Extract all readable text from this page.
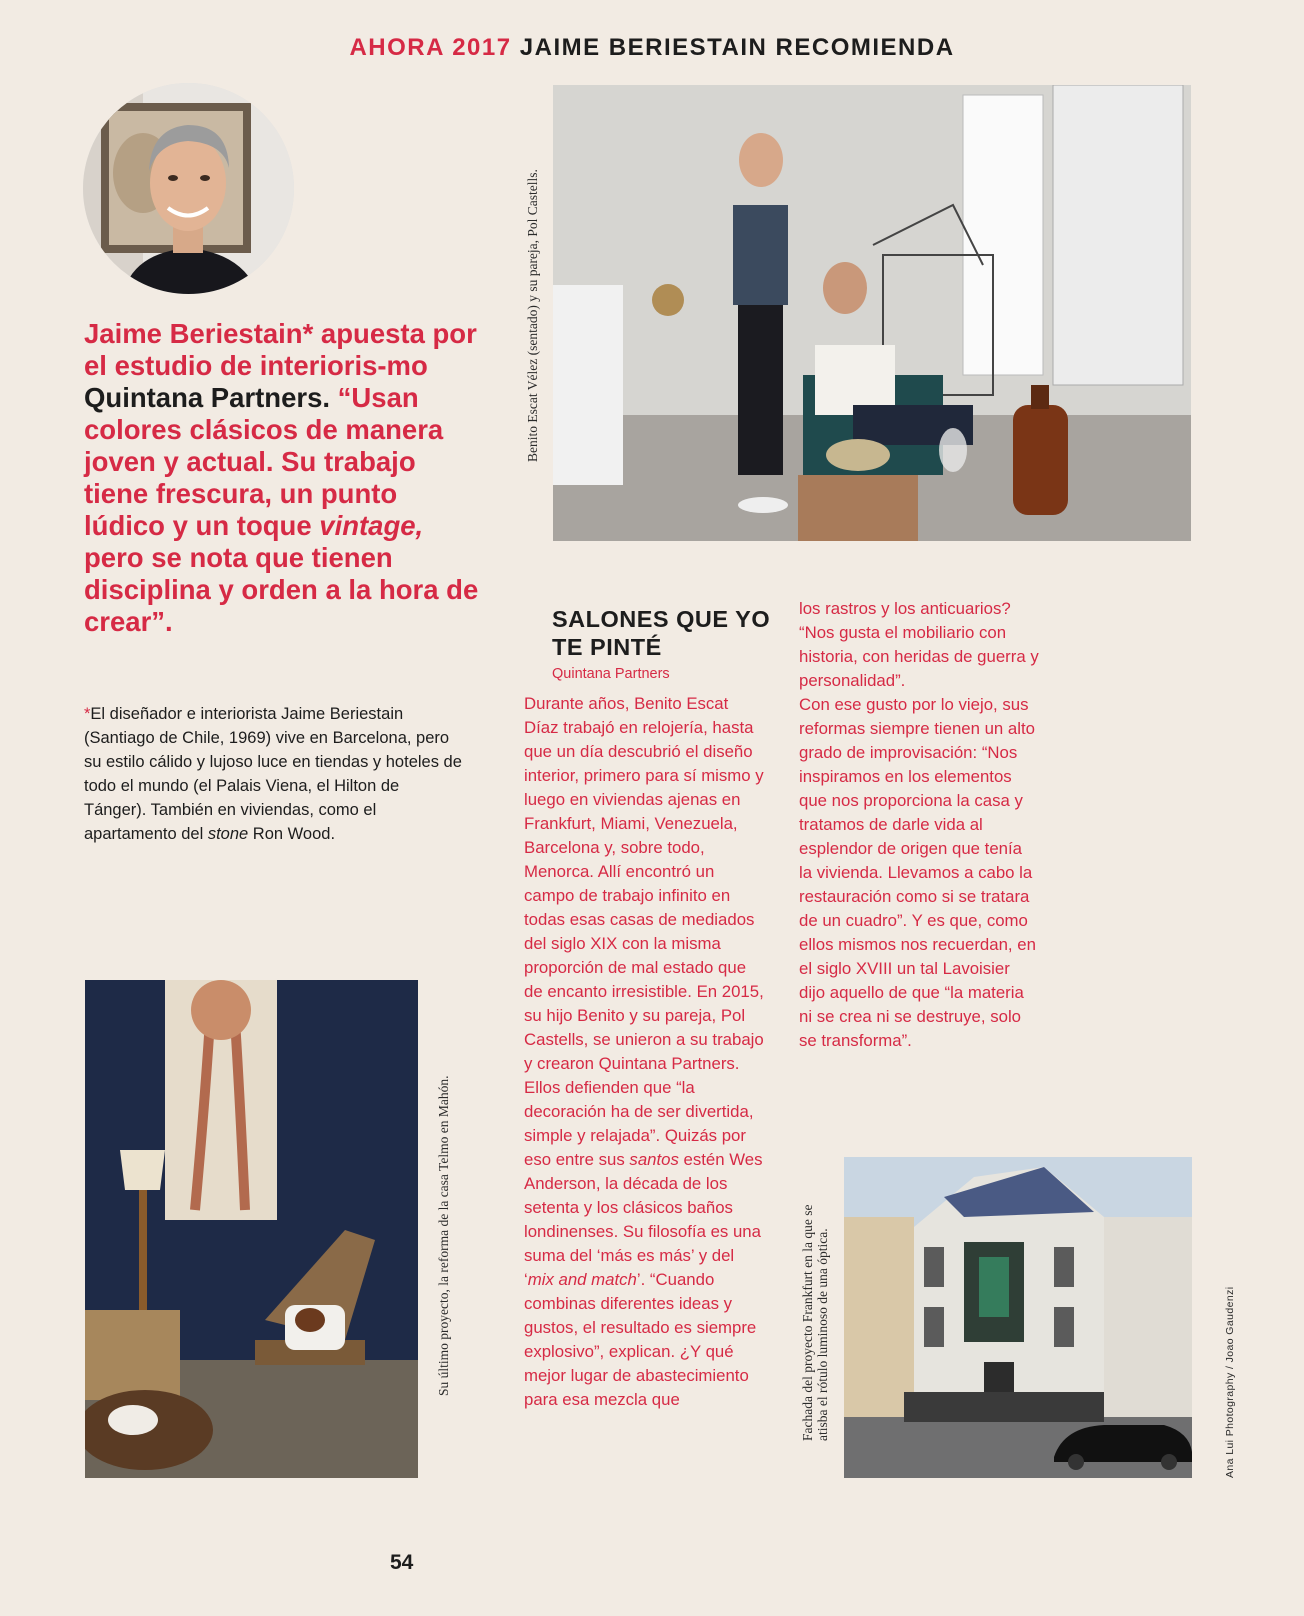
AHORA 2017 JAIME BERIESTAIN RECOMIENDA
Jaime Beriestain* apuesta por el estudio de interioris-mo Quintana Partners. “Usan colores clásicos de manera joven y actual. Su trabajo tiene frescura, un punto lúdico y un toque vintage, pero se nota que tienen disciplina y orden a la hora de crear”.
*El diseñador e interiorista Jaime Beriestain (Santiago de Chile, 1969) vive en Barcelona, pero su estilo cálido y lujoso luce en tiendas y hoteles de todo el mundo (el Palais Viena, el Hilton de Tánger). También en viviendas, como el apartamento del stone Ron Wood.
Benito Escat Vélez (sentado) y su pareja, Pol Castells.
SALONES QUE YO TE PINTÉ
Quintana Partners
Durante años, Benito Escat Díaz trabajó en relojería, hasta que un día descubrió el diseño interior, primero para sí mismo y luego en viviendas ajenas en Frankfurt, Miami, Venezuela, Barcelona y, sobre todo, Menorca. Allí encontró un campo de trabajo infinito en todas esas casas de mediados del siglo XIX con la misma proporción de mal estado que de encanto irresistible. En 2015, su hijo Benito y su pareja, Pol Castells, se unieron a su trabajo y crearon Quintana Partners.
Ellos defienden que “la decoración ha de ser divertida, simple y relajada”. Quizás por eso entre sus santos estén Wes Anderson, la década de los setenta y los clásicos baños londinenses. Su filosofía es una suma del ‘más es más’ y del ‘mix and match’. “Cuando combinas diferentes ideas y gustos, el resultado es siempre explosivo”, explican. ¿Y qué mejor lugar de abastecimiento para esa mezcla que
los rastros y los anticuarios? “Nos gusta el mobiliario con historia, con heridas de guerra y personalidad”.
Con ese gusto por lo viejo, sus reformas siempre tienen un alto grado de improvisación: “Nos inspiramos en los elementos que nos proporciona la casa y tratamos de darle vida al esplendor de origen que tenía la vivienda. Llevamos a cabo la restauración como si se tratara de un cuadro”. Y es que, como ellos mismos nos recuerdan, en el siglo XVIII un tal Lavoisier dijo aquello de que “la materia ni se crea ni se destruye, solo se transforma”.
Su último proyecto, la reforma de la casa Telmo en Mahón.	Fachada del proyecto Frankfurt en la que se atisba el rótulo luminoso de una óptica.	Ana Lui Photography / Joao Gaudenzi
54
